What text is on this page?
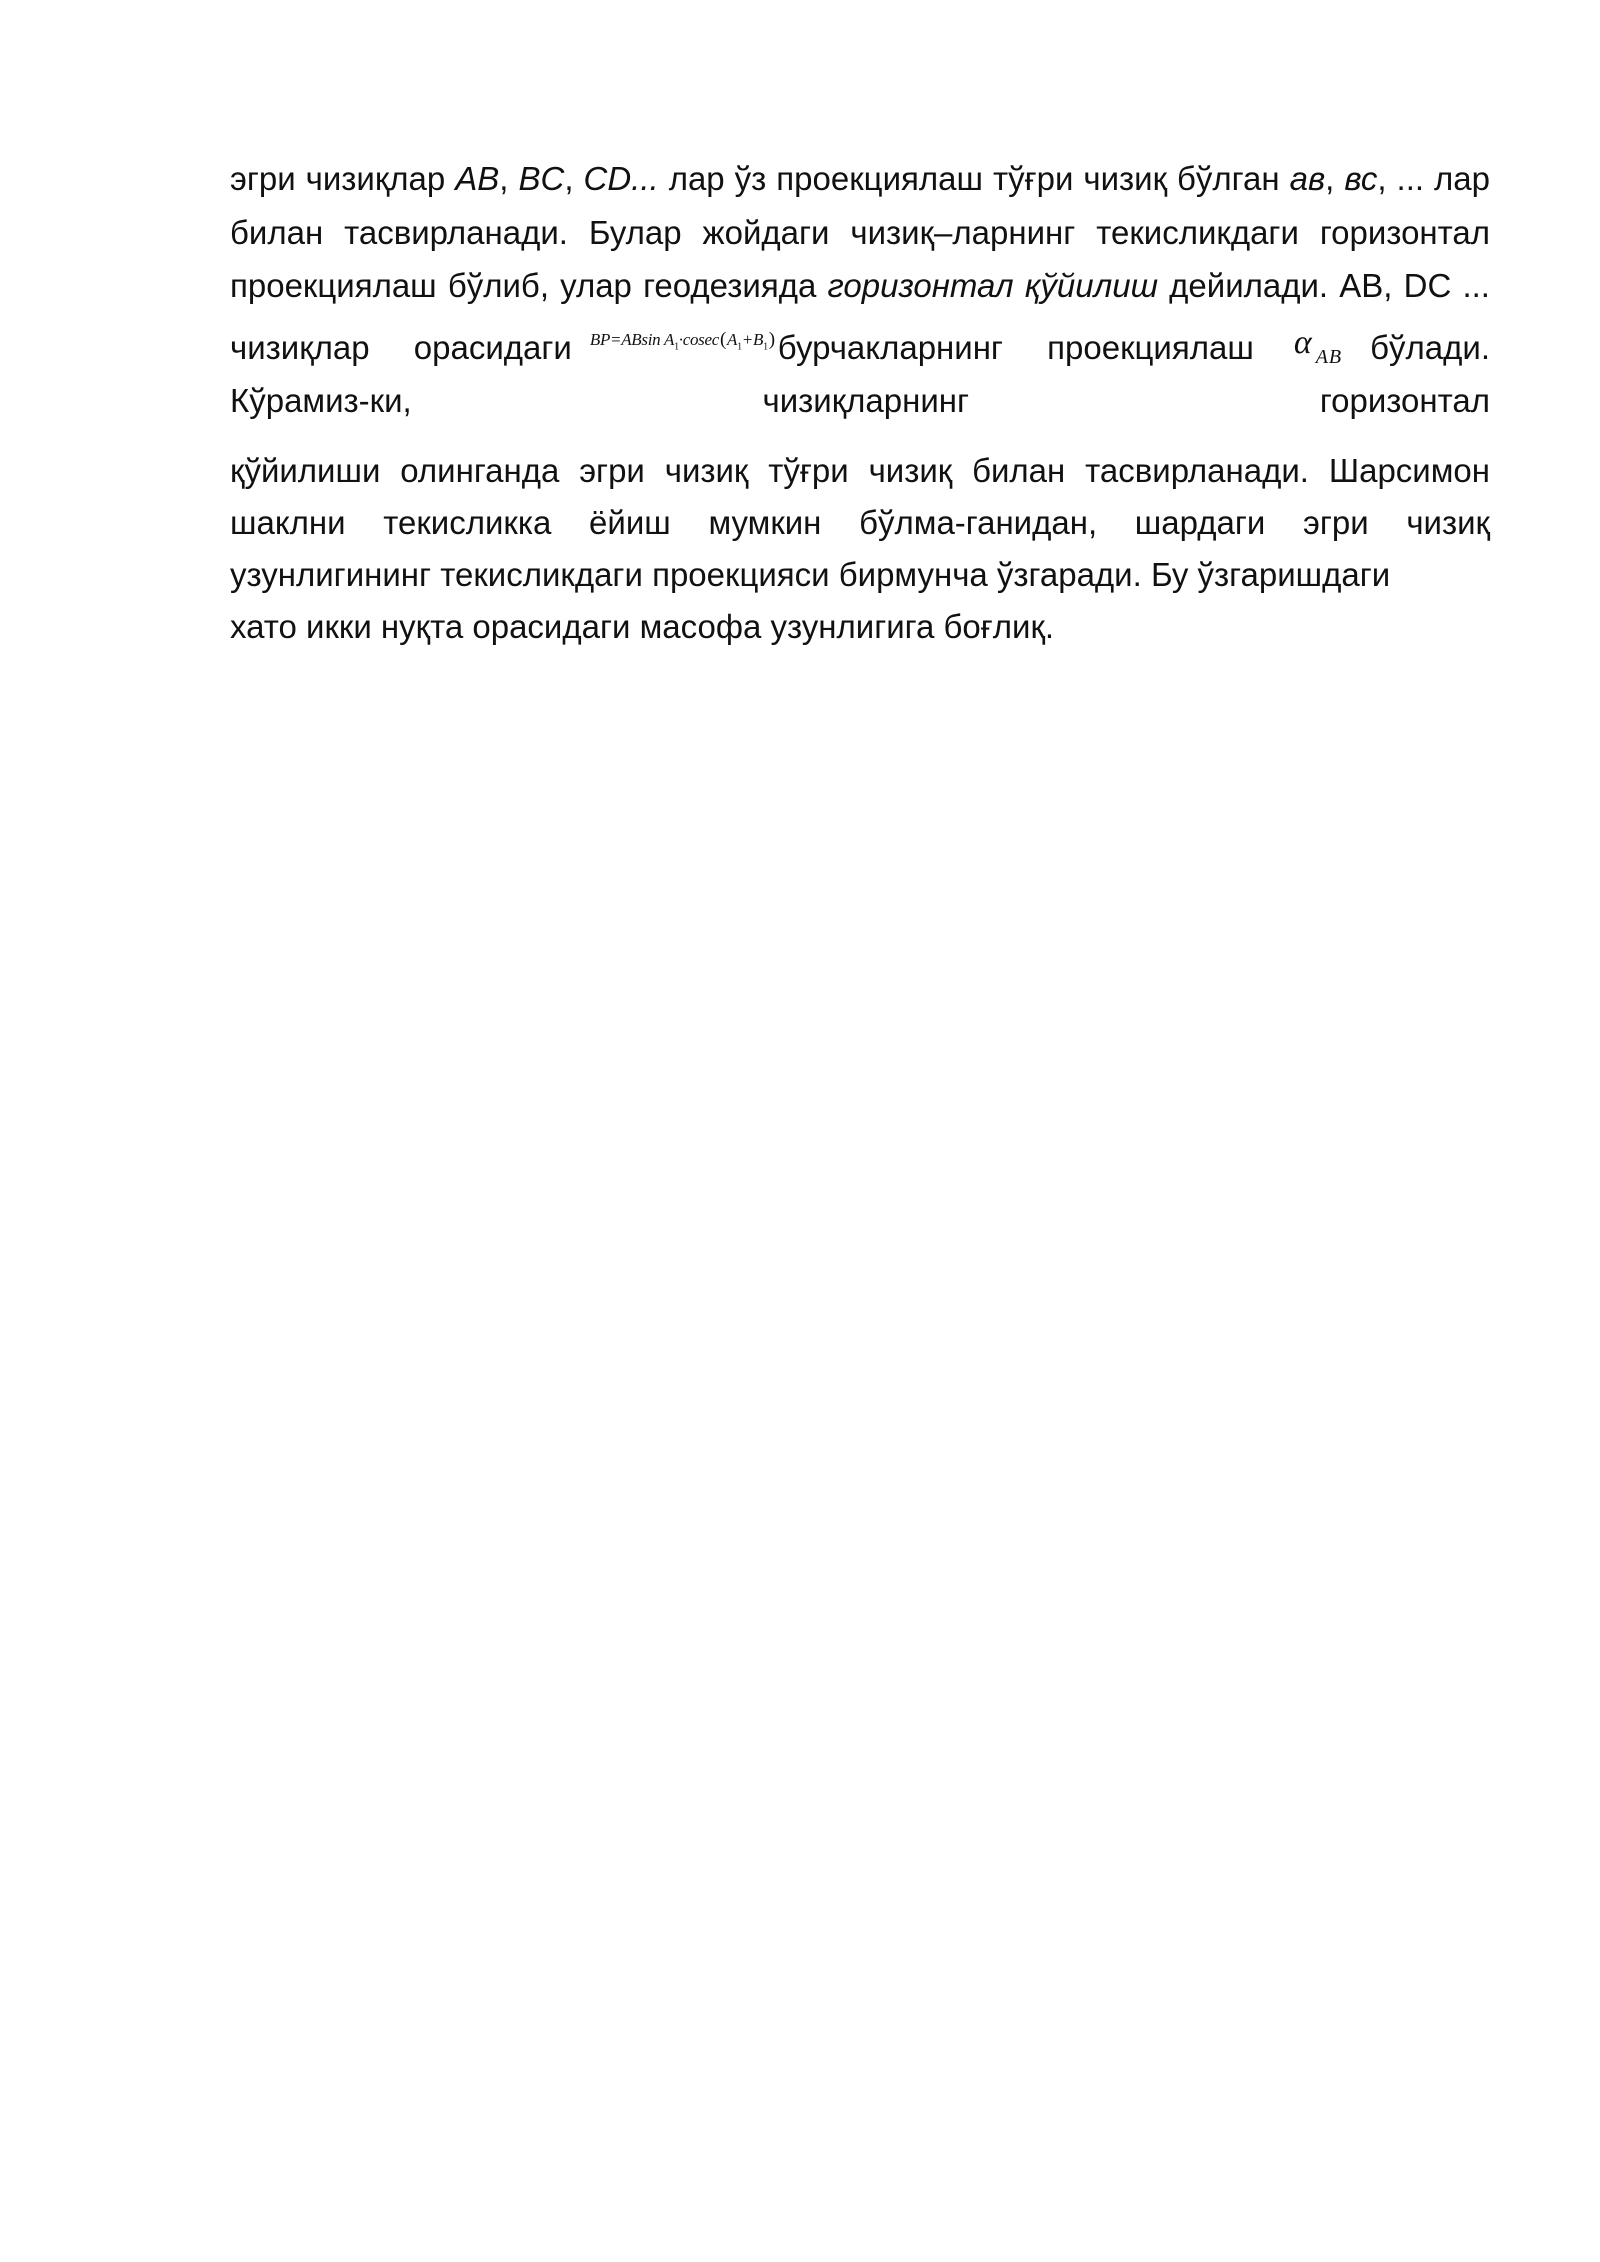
эгри чизиқлар AB, BC, CD... лар ўз проекциялаш тўғри чизиқ бўлган ав, вс, ... лар билан тасвирланади. Булар жойдаги чизиқ–ларнинг текисликдаги горизонтал проекциялаш бўлиб, улар геодезияда горизонтал қўйилиш дейилади. AB, DC ... чизиқлар орасидаги BP=ABsin $A_1\cdot cosec(A_1+B_1)бурчакларнинг$ проекциялаш α $_{AB}$ бўлади. Кўрамиз-ки, чизиқларнинг горизонтал

қўйилиши олинганда эгри чизиқ тўғри чизиқ билан тасвирланади. Шарсимон шаклни текисликка ёйиш мумкин бўлма-ганидан, шардаги эгри чизиқ узунлигининг текисликдаги проекцияси бирмунча ўзгаради. Бу ўзгаришдаги
хато икки нуқта орасидаги масофа узунлигига боғлиқ.
